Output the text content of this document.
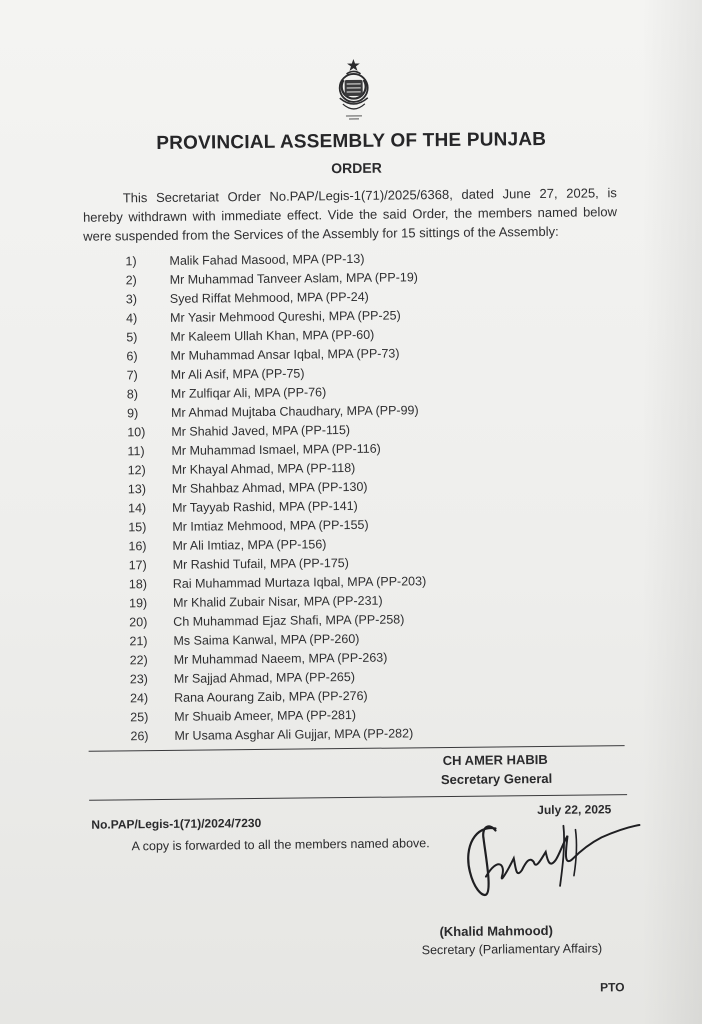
PROVINCIAL ASSEMBLY OF THE PUNJAB
ORDER
This Secretariat Order No.PAP/Legis-1(71)/2025/6368, dated June 27, 2025, is hereby withdrawn with immediate effect. Vide the said Order, the members named below were suspended from the Services of the Assembly for 15 sittings of the Assembly:
1)	Malik Fahad Masood, MPA (PP-13)
2)	Mr Muhammad Tanveer Aslam, MPA (PP-19)
3)	Syed Riffat Mehmood, MPA (PP-24)
4)	Mr Yasir Mehmood Qureshi, MPA (PP-25)
5)	Mr Kaleem Ullah Khan, MPA (PP-60)
6)	Mr Muhammad Ansar Iqbal, MPA (PP-73)
7)	Mr Ali Asif, MPA (PP-75)
8)	Mr Zulfiqar Ali, MPA (PP-76)
9)	Mr Ahmad Mujtaba Chaudhary, MPA (PP-99)
10)	Mr Shahid Javed, MPA (PP-115)
11)	Mr Muhammad Ismael, MPA (PP-116)
12)	Mr Khayal Ahmad, MPA (PP-118)
13)	Mr Shahbaz Ahmad, MPA (PP-130)
14)	Mr Tayyab Rashid, MPA (PP-141)
15)	Mr Imtiaz Mehmood, MPA (PP-155)
16)	Mr Ali Imtiaz, MPA (PP-156)
17)	Mr Rashid Tufail, MPA (PP-175)
18)	Rai Muhammad Murtaza Iqbal, MPA (PP-203)
19)	Mr Khalid Zubair Nisar, MPA (PP-231)
20)	Ch Muhammad Ejaz Shafi, MPA (PP-258)
21)	Ms Saima Kanwal, MPA (PP-260)
22)	Mr Muhammad Naeem, MPA (PP-263)
23)	Mr Sajjad Ahmad, MPA (PP-265)
24)	Rana Aourang Zaib, MPA (PP-276)
25)	Mr Shuaib Ameer, MPA (PP-281)
26)	Mr Usama Asghar Ali Gujjar, MPA (PP-282)
CH AMER HABIB
Secretary General
No.PAP/Legis-1(71)/2024/7230
July 22, 2025
A copy is forwarded to all the members named above.
(Khalid Mahmood)
Secretary (Parliamentary Affairs)
PTO
